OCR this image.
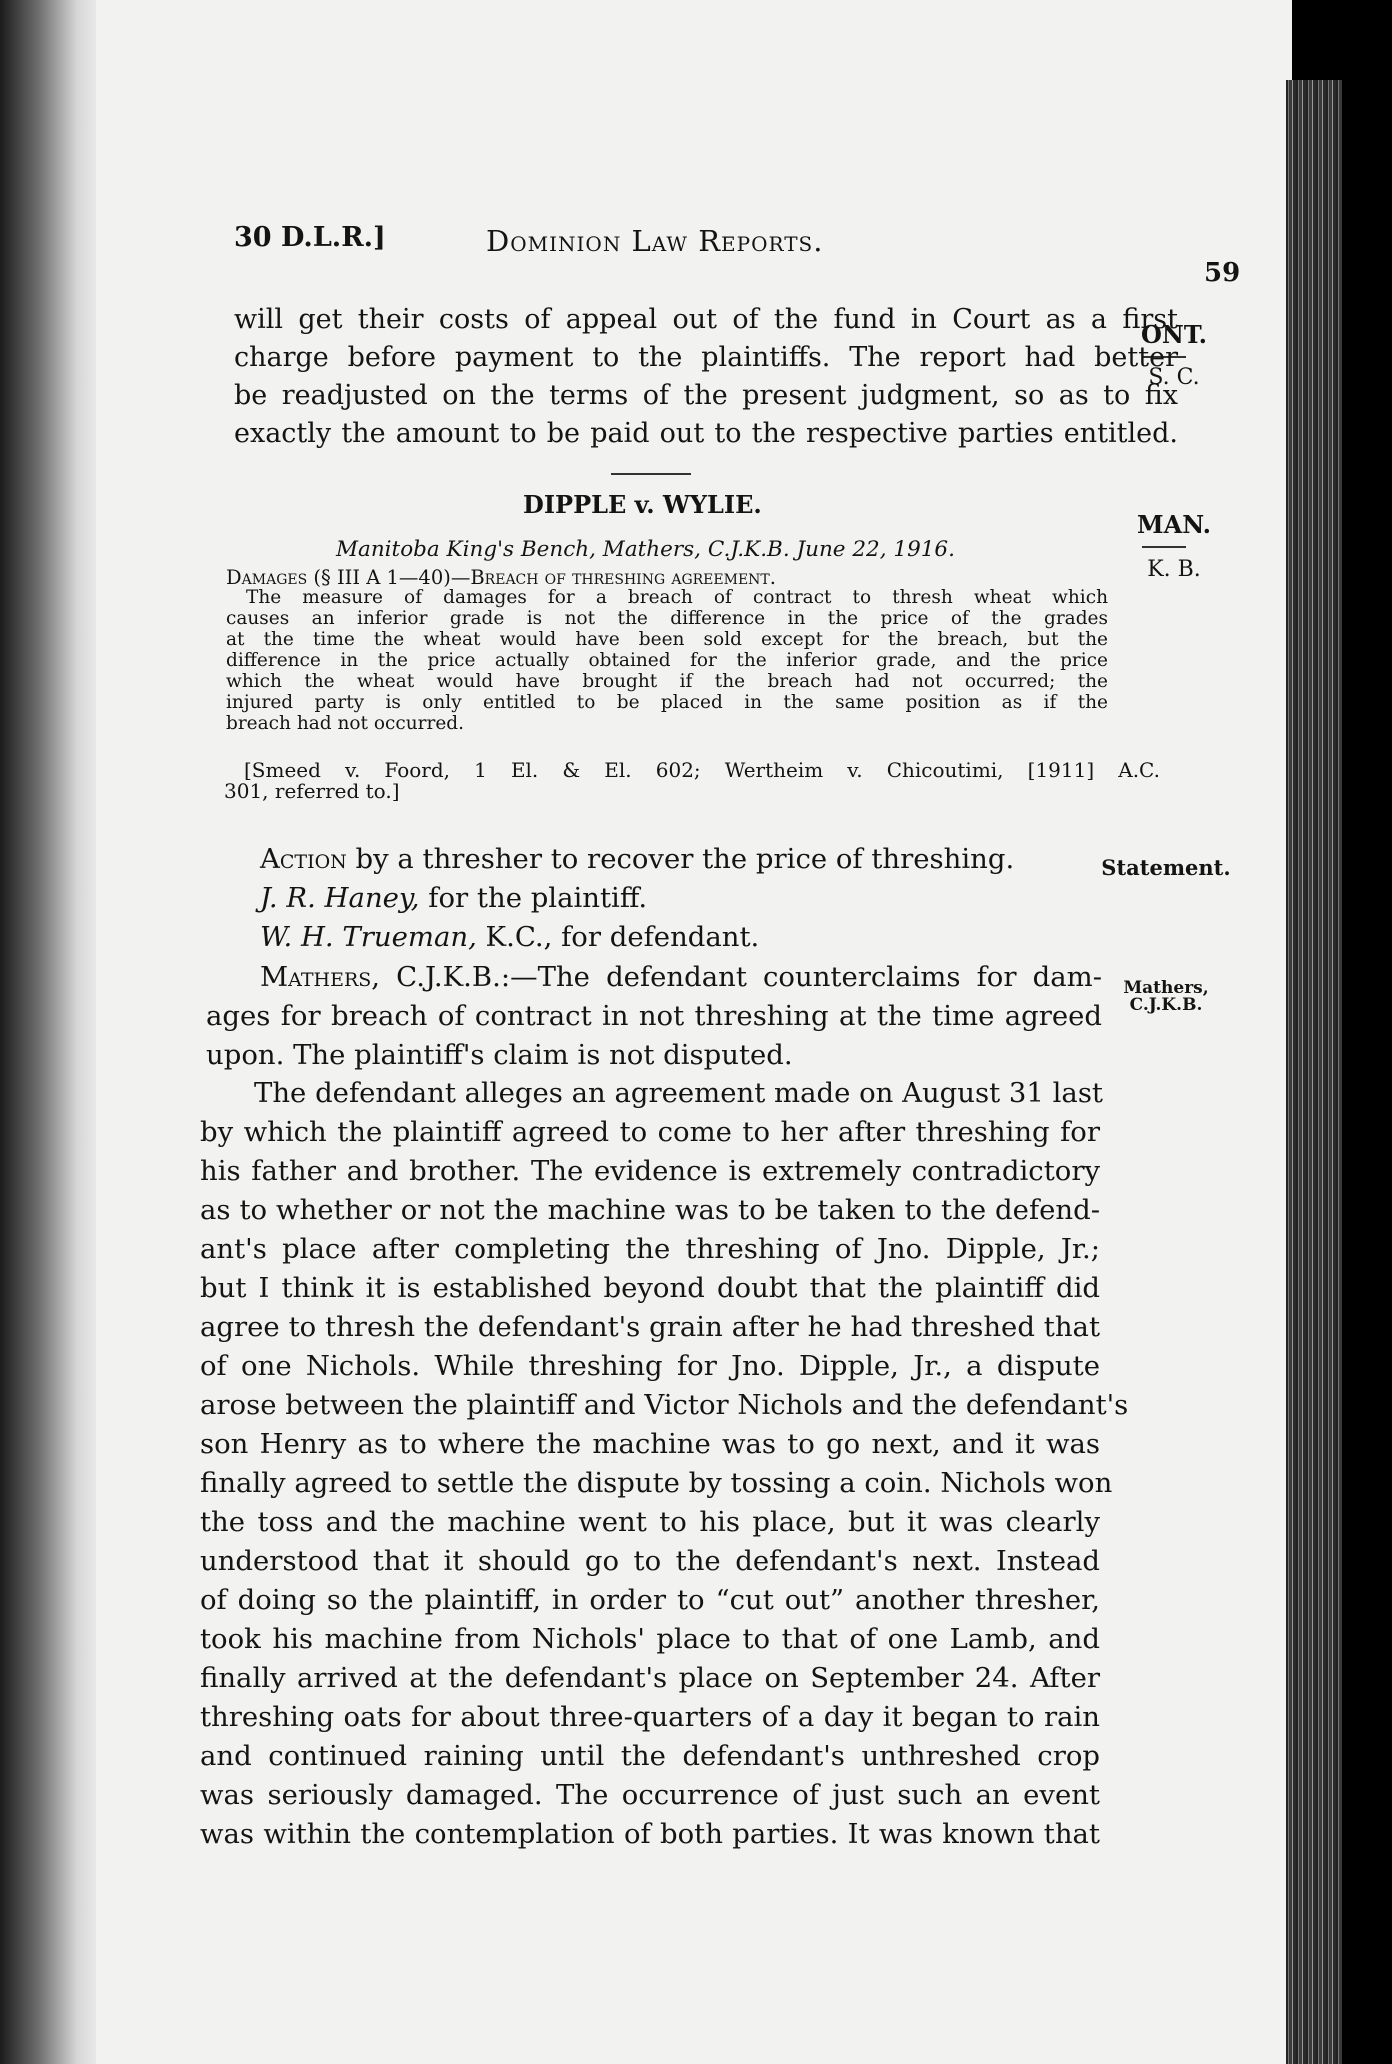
30 D.L.R.]	Dominion Law Reports.

59

ONT.
S. C.
MAN.
K. B.
Statement.
Mathers,
C.J.K.B.
will get their costs of appeal out of the fund in Court as a first
charge before payment to the plaintiffs. The report had better
be readjusted on the terms of the present judgment, so as to fix
exactly the amount to be paid out to the respective parties entitled.

DIPPLE v. WYLIE.

Manitoba King's Bench, Mathers, C.J.K.B. June 22, 1916.

Damages (§ III A 1—40)—Breach of threshing agreement.
The measure of damages for a breach of contract to thresh wheat which
causes an inferior grade is not the difference in the price of the grades
at the time the wheat would have been sold except for the breach, but the
difference in the price actually obtained for the inferior grade, and the price
which the wheat would have brought if the breach had not occurred; the
injured party is only entitled to be placed in the same position as if the
breach had not occurred.
[Smeed v. Foord, 1 El. & El. 602; Wertheim v. Chicoutimi, [1911] A.C.
301, referred to.]
Action by a thresher to recover the price of threshing.
J. R. Haney, for the plaintiff.
W. H. Trueman, K.C., for defendant.
Mathers, C.J.K.B.:—The defendant counterclaims for dam-
ages for breach of contract in not threshing at the time agreed
upon. The plaintiff's claim is not disputed.
The defendant alleges an agreement made on August 31 last
by which the plaintiff agreed to come to her after threshing for
his father and brother. The evidence is extremely contradictory
as to whether or not the machine was to be taken to the defend-
ant's place after completing the threshing of Jno. Dipple, Jr.;
but I think it is established beyond doubt that the plaintiff did
agree to thresh the defendant's grain after he had threshed that
of one Nichols. While threshing for Jno. Dipple, Jr., a dispute
arose between the plaintiff and Victor Nichols and the defendant's
son Henry as to where the machine was to go next, and it was
finally agreed to settle the dispute by tossing a coin. Nichols won
the toss and the machine went to his place, but it was clearly
understood that it should go to the defendant's next. Instead
of doing so the plaintiff, in order to “cut out” another thresher,
took his machine from Nichols' place to that of one Lamb, and
finally arrived at the defendant's place on September 24. After
threshing oats for about three-quarters of a day it began to rain
and continued raining until the defendant's unthreshed crop
was seriously damaged. The occurrence of just such an event
was within the contemplation of both parties. It was known that
